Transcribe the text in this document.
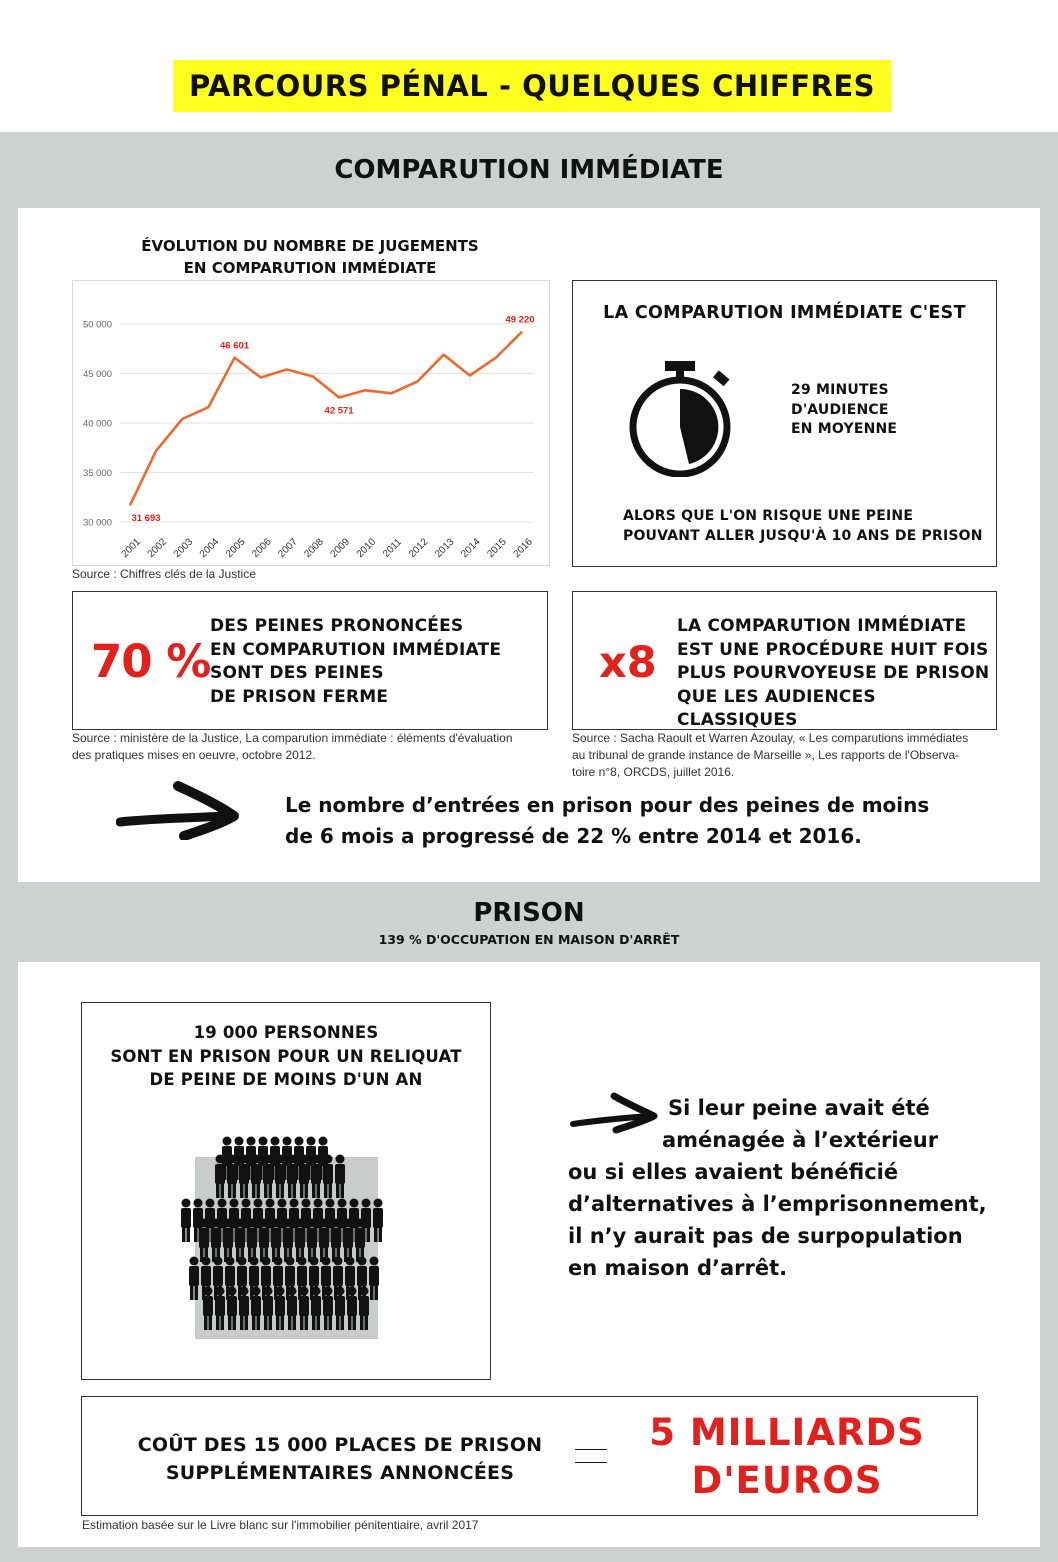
PARCOURS PÉNAL - QUELQUES CHIFFRES
COMPARUTION IMMÉDIATE
ÉVOLUTION DU NOMBRE DE JUGEMENTS
EN COMPARUTION IMMÉDIATE
30 000
35 000
40 000
45 000
50 000
2001 2002 2003 2004 2005 2006 2007 2008 2009 2010 2011 2012 2013 2014 2015 2016
31 693
46 601
42 571
49 220
Source : Chiffres clés de la Justice
LA COMPARUTION IMMÉDIATE C'EST
29 MINUTES
D'AUDIENCE
EN MOYENNE
ALORS QUE L'ON RISQUE UNE PEINE
POUVANT ALLER JUSQU'À 10 ANS DE PRISON
70 %
DES PEINES PRONONCÉES
EN COMPARUTION IMMÉDIATE
SONT DES PEINES
DE PRISON FERME
Source : ministère de la Justice, La comparution immédiate : éléments d'évaluation
des pratiques mises en oeuvre, octobre 2012.
x8
LA COMPARUTION IMMÉDIATE
EST UNE PROCÉDURE HUIT FOIS
PLUS POURVOYEUSE DE PRISON
QUE LES AUDIENCES CLASSIQUES
Source : Sacha Raoult et Warren Azoulay, « Les comparutions immédiates
au tribunal de grande instance de Marseille », Les rapports de l'Observa-
toire n°8, ORCDS, juillet 2016.
Le nombre d’entrées en prison pour des peines de moins
de 6 mois a progressé de 22 % entre 2014 et 2016.
PRISON
139 % D'OCCUPATION EN MAISON D'ARRÊT
19 000 PERSONNES
SONT EN PRISON POUR UN RELIQUAT
DE PEINE DE MOINS D'UN AN
Si leur peine avait été
aménagée à l’extérieur
ou si elles avaient bénéficié
d’alternatives à l’emprisonnement,
il n’y aurait pas de surpopulation
en maison d’arrêt.
COÛT DES 15 000 PLACES DE PRISON
SUPPLÉMENTAIRES ANNONCÉES
5 MILLIARDS
D'EUROS
Estimation basée sur le Livre blanc sur l'immobilier pénitentiaire, avril 2017
